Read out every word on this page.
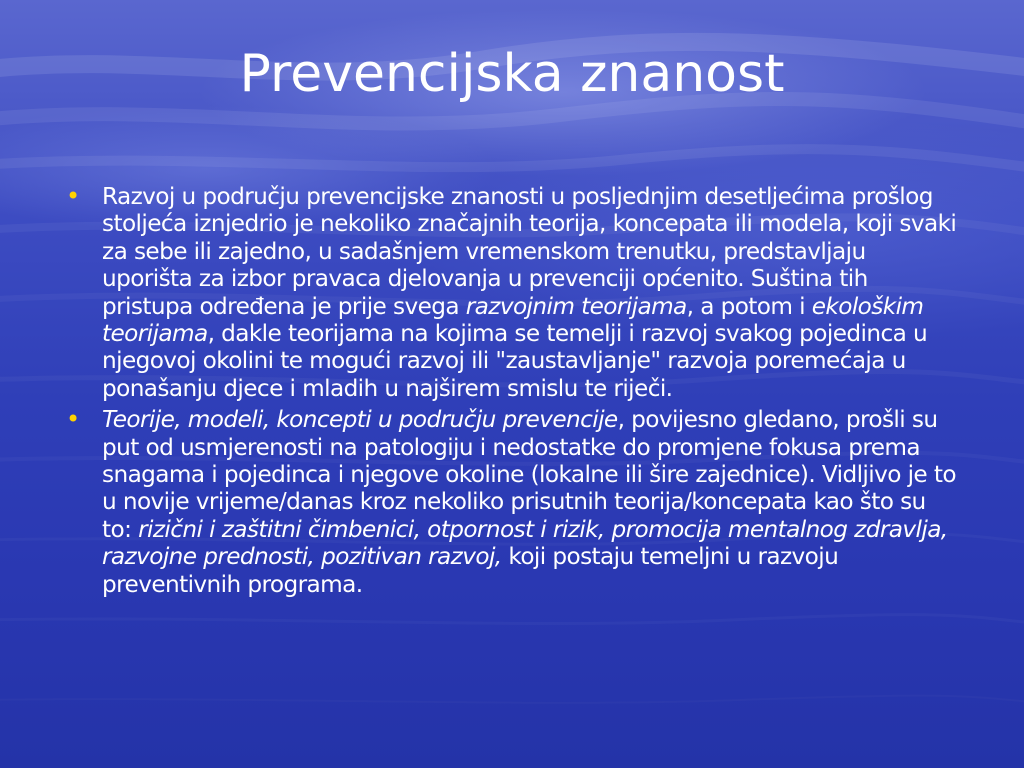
Prevencijska znanost

• Razvoj u području prevencijske znanosti u posljednjim desetljećima prošlog stoljeća iznjedrio je nekoliko značajnih teorija, koncepata ili modela, koji svaki za sebe ili zajedno, u sadašnjem vremenskom trenutku, predstavljaju uporišta za izbor pravaca djelovanja u prevenciji općenito. Suština tih pristupa određena je prije svega razvojnim teorijama, a potom i ekološkim teorijama, dakle teorijama na kojima se temelji i razvoj svakog pojedinca u njegovoj okolini te mogući razvoj ili "zaustavljanje" razvoja poremećaja u ponašanju djece i mladih u najširem smislu te riječi.

• Teorije, modeli, koncepti u području prevencije, povijesno gledano, prošli su put od usmjerenosti na patologiju i nedostatke do promjene fokusa prema snagama i pojedinca i njegove okoline (lokalne ili šire zajednice). Vidljivo je to u novije vrijeme/danas kroz nekoliko prisutnih teorija/koncepata kao što su to: rizični i zaštitni čimbenici, otpornost i rizik, promocija mentalnog zdravlja, razvojne prednosti, pozitivan razvoj, koji postaju temeljni u razvoju preventivnih programa.
